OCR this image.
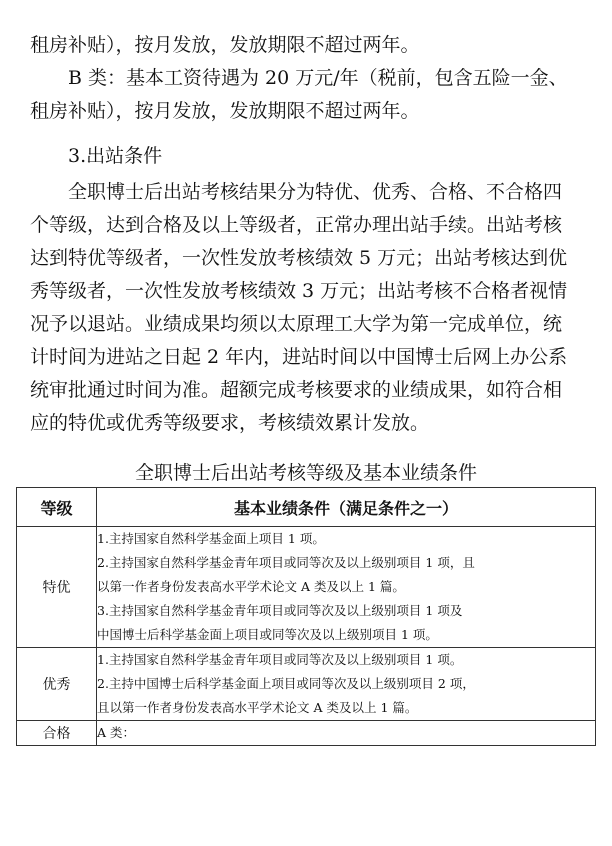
租房补贴），按月发放，发放期限不超过两年。
B 类：基本工资待遇为 20 万元/年（税前，包含五险一金、
租房补贴），按月发放，发放期限不超过两年。
3.出站条件
全职博士后出站考核结果分为特优、优秀、合格、不合格四
个等级，达到合格及以上等级者，正常办理出站手续。出站考核
达到特优等级者，一次性发放考核绩效 5 万元；出站考核达到优
秀等级者，一次性发放考核绩效 3 万元；出站考核不合格者视情
况予以退站。业绩成果均须以太原理工大学为第一完成单位，统
计时间为进站之日起 2 年内，进站时间以中国博士后网上办公系
统审批通过时间为准。超额完成考核要求的业绩成果，如符合相
应的特优或优秀等级要求，考核绩效累计发放。
全职博士后出站考核等级及基本业绩条件
等级	基本业绩条件（满足条件之一）
特优	1.主持国家自然科学基金面上项目 1 项。
2.主持国家自然科学基金青年项目或同等次及以上级别项目 1 项，且
以第一作者身份发表高水平学术论文 A 类及以上 1 篇。
3.主持国家自然科学基金青年项目或同等次及以上级别项目 1 项及
中国博士后科学基金面上项目或同等次及以上级别项目 1 项。

优秀	1.主持国家自然科学基金青年项目或同等次及以上级别项目 1 项。
2.主持中国博士后科学基金面上项目或同等次及以上级别项目 2 项，
且以第一作者身份发表高水平学术论文 A 类及以上 1 篇。

合格	A 类：
